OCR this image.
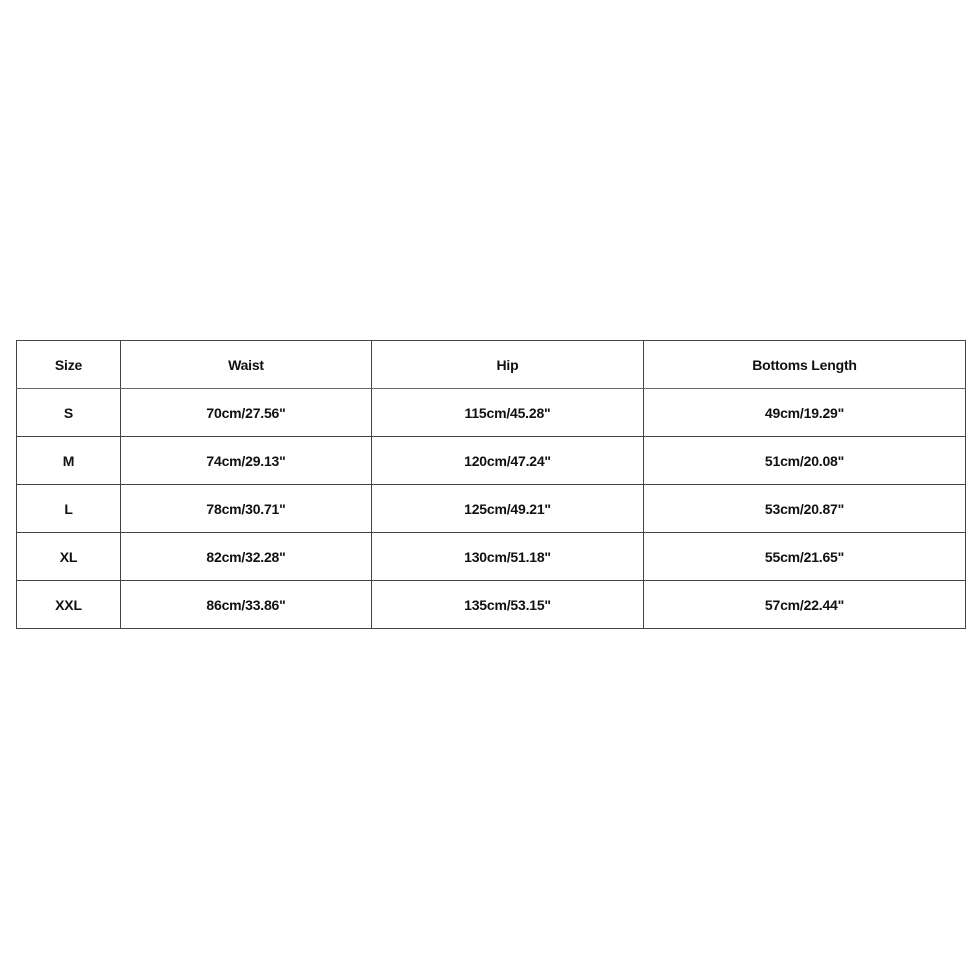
Size	Waist	Hip	Bottoms Length
S	70cm/27.56"	115cm/45.28"	49cm/19.29"
M	74cm/29.13"	120cm/47.24"	51cm/20.08"
L	78cm/30.71"	125cm/49.21"	53cm/20.87"
XL	82cm/32.28"	130cm/51.18"	55cm/21.65"
XXL	86cm/33.86"	135cm/53.15"	57cm/22.44"
